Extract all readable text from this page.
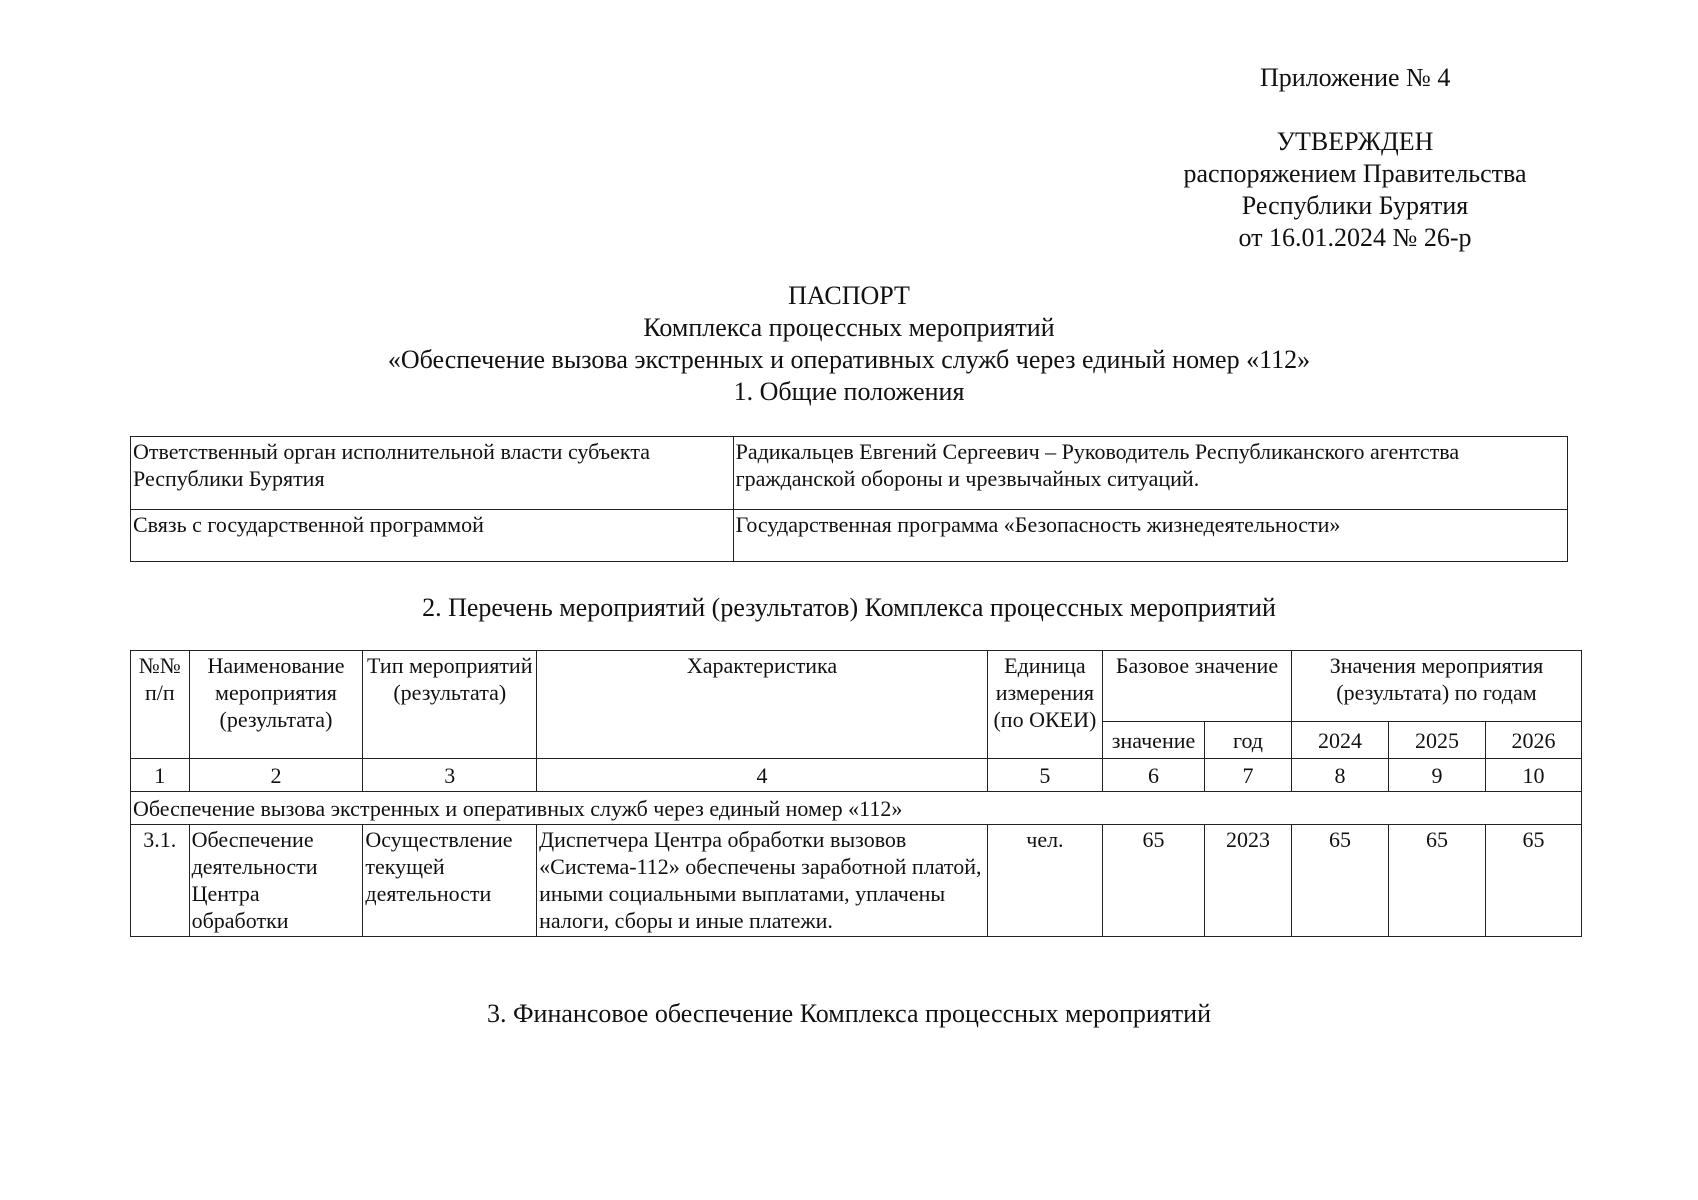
Приложение № 4
УТВЕРЖДЕН
распоряжением Правительства
Республики Бурятия
от 16.01.2024 № 26-р
ПАСПОРТ
Комплекса процессных мероприятий
«Обеспечение вызова экстренных и оперативных служб через единый номер «112»
1. Общие положения
Ответственный орган исполнительной власти субъекта Республики Бурятия	Радикальцев Евгений Сергеевич – Руководитель Республиканского агентства гражданской обороны и чрезвычайных ситуаций.
Связь с государственной программой	Государственная программа «Безопасность жизнедеятельности»
2. Перечень мероприятий (результатов) Комплекса процессных мероприятий
№№ п/п	Наименование мероприятия (результата)	Тип мероприятий (результата)	Характеристика	Единица измерения (по ОКЕИ)	Базовое значение		Значения мероприятия (результата) по годам		
					значение	год	2024	2025	2026
1	2	3	4	5	6	7	8	9	10
Обеспечение вызова экстренных и оперативных служб через единый номер «112»									
3.1.	Обеспечение деятельности Центра обработки	Осуществление текущей деятельности	Диспетчера Центра обработки вызовов «Система-112» обеспечены заработной платой, иными социальными выплатами, уплачены налоги, сборы и иные платежи.	чел.	65	2023	65	65	65
3. Финансовое обеспечение Комплекса процессных мероприятий
